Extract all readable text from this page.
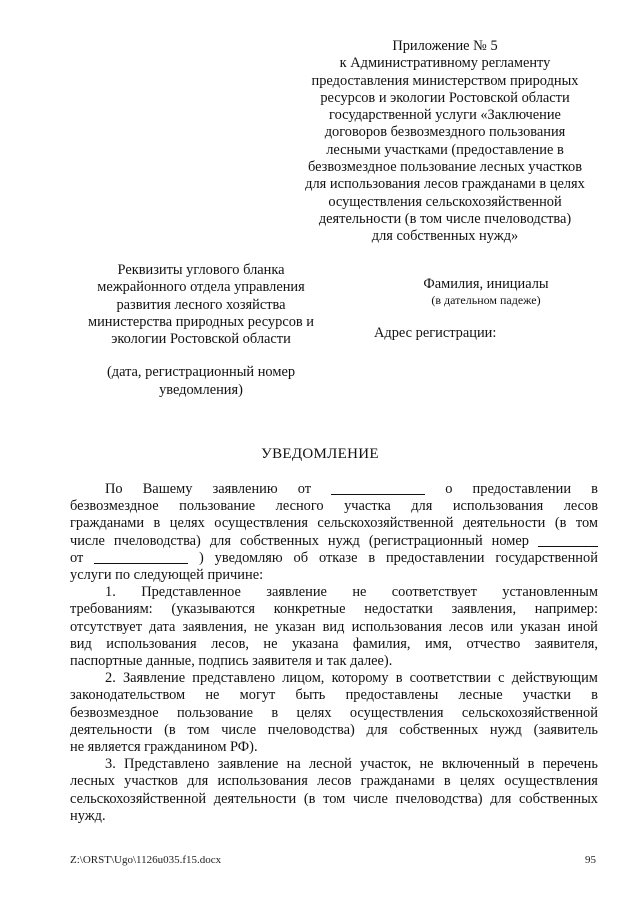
Приложение № 5
к Административному регламенту
предоставления министерством природных
ресурсов и экологии Ростовской области
государственной услуги «Заключение
договоров безвозмездного пользования
лесными участками (предоставление в
безвозмездное пользование лесных участков
для использования лесов гражданами в целях
осуществления сельскохозяйственной
деятельности (в том числе пчеловодства)
для собственных нужд»
Реквизиты углового бланка
межрайонного отдела управления
развития лесного хозяйства
министерства природных ресурсов и
экологии Ростовской области
(дата, регистрационный номер
уведомления)
Фамилия, инициалы
(в дательном падеже)
Адрес регистрации:
УВЕДОМЛЕНИЕ
По Вашему заявлению от	о предоставлении в
безвозмездное пользование лесного участка для использования лесов
гражданами в целях осуществления сельскохозяйственной деятельности (в том
числе пчеловодства) для собственных нужд (регистрационный номер
от	) уведомляю об отказе в предоставлении государственной
услуги по следующей причине:
1. Представленное заявление не соответствует установленным
требованиям: (указываются конкретные недостатки заявления, например:
отсутствует дата заявления, не указан вид использования лесов или указан иной
вид использования лесов, не указана фамилия, имя, отчество заявителя,
паспортные данные, подпись заявителя и так далее).
2. Заявление представлено лицом, которому в соответствии с действующим
законодательством не могут быть предоставлены лесные участки в
безвозмездное пользование в целях осуществления сельскохозяйственной
деятельности (в том числе пчеловодства) для собственных нужд (заявитель
не является гражданином РФ).
3. Представлено заявление на лесной участок, не включенный в перечень
лесных участков для использования лесов гражданами в целях осуществления
сельскохозяйственной деятельности (в том числе пчеловодства) для собственных
нужд.
Z:\ORST\Ugo\1126u035.f15.docx	95
